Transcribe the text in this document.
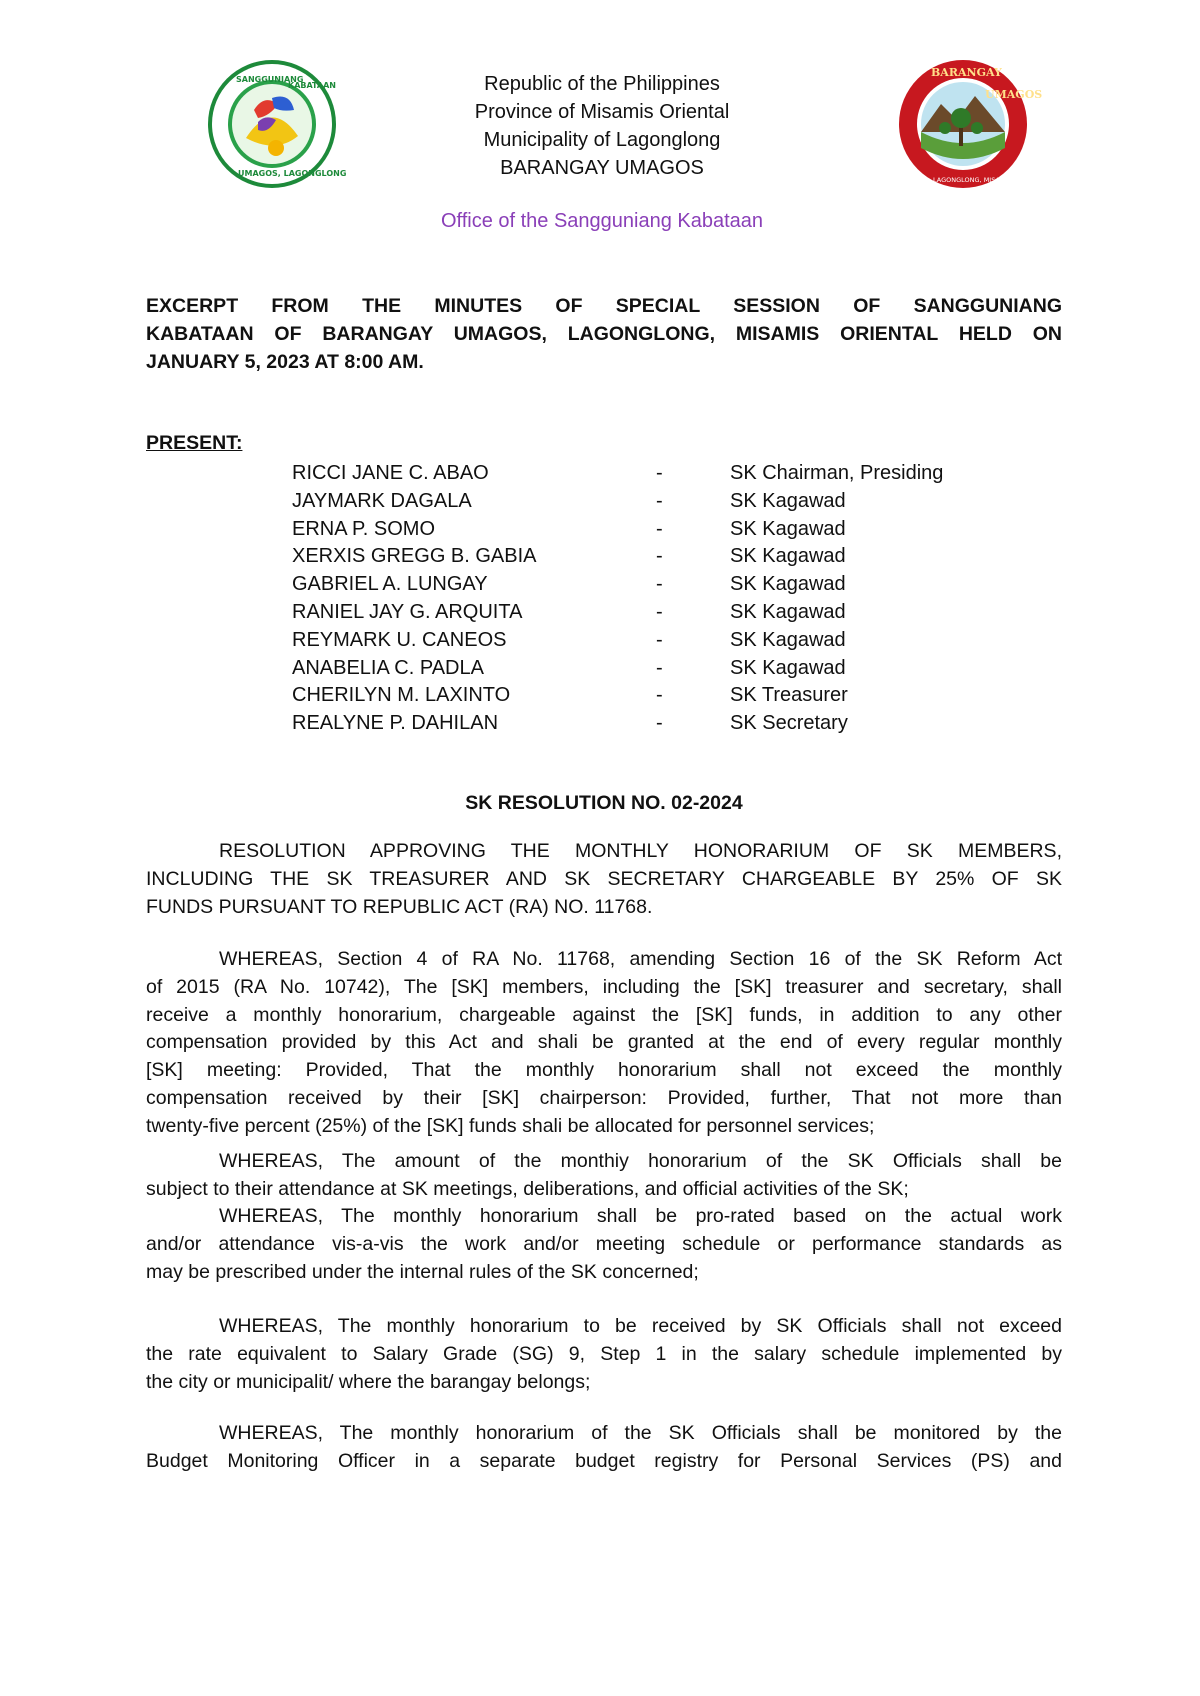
SANGGUNIANG
KABATAAN
UMAGOS, LAGONGLONG
BARANGAY
UMAGOS
LAGONGLONG, MISAMIS ORIENTAL
Republic of the Philippines
Province of Misamis Oriental
Municipality of Lagonglong
BARANGAY UMAGOS
Office of the Sangguniang Kabataan
EXCERPT FROM THE MINUTES OF SPECIAL SESSION OF SANGGUNIANG
KABATAAN OF BARANGAY UMAGOS, LAGONGLONG, MISAMIS ORIENTAL HELD ON
JANUARY 5, 2023 AT 8:00 AM.
PRESENT:
RICCI JANE C. ABAO	-	SK Chairman, Presiding
JAYMARK DAGALA	-	SK Kagawad
ERNA P. SOMO	-	SK Kagawad
XERXIS GREGG B. GABIA	-	SK Kagawad
GABRIEL A. LUNGAY	-	SK Kagawad
RANIEL JAY G. ARQUITA	-	SK Kagawad
REYMARK U. CANEOS	-	SK Kagawad
ANABELIA C. PADLA	-	SK Kagawad
CHERILYN M. LAXINTO	-	SK Treasurer
REALYNE P. DAHILAN	-	SK Secretary
SK RESOLUTION NO. 02-2024
RESOLUTION APPROVING THE MONTHLY HONORARIUM OF SK MEMBERS,
INCLUDING THE SK TREASURER AND SK SECRETARY CHARGEABLE BY 25% OF SK
FUNDS PURSUANT TO REPUBLIC ACT (RA) NO. 11768.
WHEREAS, Section 4 of RA No. 11768, amending Section 16 of the SK Reform Act
of 2015 (RA No. 10742), The [SK] members, including the [SK] treasurer and secretary, shall
receive a monthly honorarium, chargeable against the [SK] funds, in addition to any other
compensation provided by this Act and shali be granted at the end of every regular monthly
[SK] meeting: Provided, That the monthly honorarium shall not exceed the monthly
compensation received by their [SK] chairperson: Provided, further, That not more than
twenty-five percent (25%) of the [SK] funds shali be allocated for personnel services;
WHEREAS, The amount of the monthiy honorarium of the SK Officials shall be
subject to their attendance at SK meetings, deliberations, and official activities of the SK;
WHEREAS, The monthly honorarium shall be pro-rated based on the actual work
and/or attendance vis-a-vis the work and/or meeting schedule or performance standards as
may be prescribed under the internal rules of the SK concerned;
WHEREAS, The monthly honorarium to be received by SK Officials shall not exceed
the rate equivalent to Salary Grade (SG) 9, Step 1 in the salary schedule implemented by
the city or municipalit/ where the barangay belongs;
WHEREAS, The monthly honorarium of the SK Officials shall be monitored by the
Budget Monitoring Officer in a separate budget registry for Personal Services (PS) and
